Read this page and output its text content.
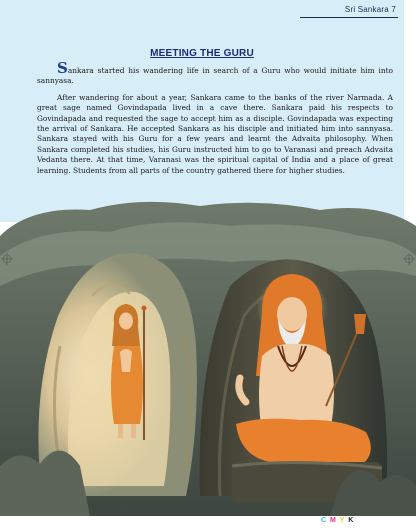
Sri Sankara 7
MEETING THE GURU

Sankara started his wandering life in search of a Guru who would initiate him into sannyasa.

After wandering for about a year, Sankara came to the banks of the river Narmada. A great sage named Govindapada lived in a cave there. Sankara paid his respects to Govindapada and requested the sage to accept him as a disciple. Govindapada was expecting the arrival of Sankara. He accepted Sankara as his disciple and initiated him into sannyasa. Sankara stayed with his Guru for a few years and learnt the Advaita philosophy. When Sankara completed his studies, his Guru instructed him to go to Varanasi and preach Advaita Vedanta there. At that time, Varanasi was the spiritual capital of India and a place of great learning. Students from all parts of the country gathered there for higher studies.

C M Y K
